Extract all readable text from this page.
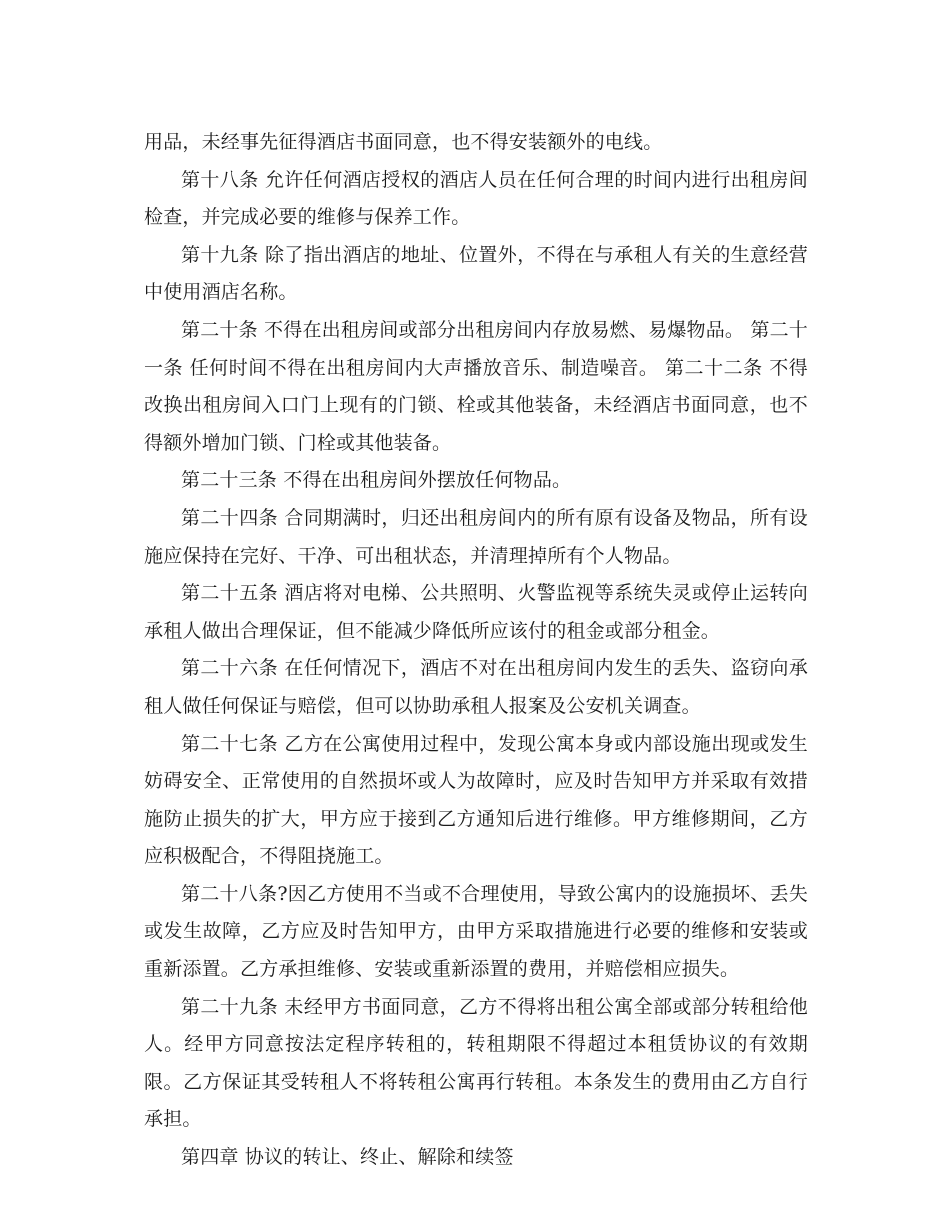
用品，未经事先征得酒店书面同意，也不得安装额外的电线。

第十八条 允许任何酒店授权的酒店人员在任何合理的时间内进行出租房间检查，并完成必要的维修与保养工作。

第十九条 除了指出酒店的地址、位置外，不得在与承租人有关的生意经营中使用酒店名称。

第二十条 不得在出租房间或部分出租房间内存放易燃、易爆物品。 第二十一条 任何时间不得在出租房间内大声播放音乐、制造噪音。 第二十二条 不得改换出租房间入口门上现有的门锁、栓或其他装备，未经酒店书面同意，也不得额外增加门锁、门栓或其他装备。

第二十三条 不得在出租房间外摆放任何物品。

第二十四条 合同期满时，归还出租房间内的所有原有设备及物品，所有设施应保持在完好、干净、可出租状态，并清理掉所有个人物品。

第二十五条 酒店将对电梯、公共照明、火警监视等系统失灵或停止运转向承租人做出合理保证，但不能减少降低所应该付的租金或部分租金。

第二十六条 在任何情况下，酒店不对在出租房间内发生的丢失、盗窃向承租人做任何保证与赔偿，但可以协助承租人报案及公安机关调查。

第二十七条 乙方在公寓使用过程中，发现公寓本身或内部设施出现或发生妨碍安全、正常使用的自然损坏或人为故障时，应及时告知甲方并采取有效措施防止损失的扩大，甲方应于接到乙方通知后进行维修。甲方维修期间，乙方应积极配合，不得阻挠施工。

第二十八条?因乙方使用不当或不合理使用，导致公寓内的设施损坏、丢失或发生故障，乙方应及时告知甲方，由甲方采取措施进行必要的维修和安装或重新添置。乙方承担维修、安装或重新添置的费用，并赔偿相应损失。

第二十九条 未经甲方书面同意，乙方不得将出租公寓全部或部分转租给他人。经甲方同意按法定程序转租的，转租期限不得超过本租赁协议的有效期限。乙方保证其受转租人不将转租公寓再行转租。本条发生的费用由乙方自行承担。

第四章 协议的转让、终止、解除和续签
